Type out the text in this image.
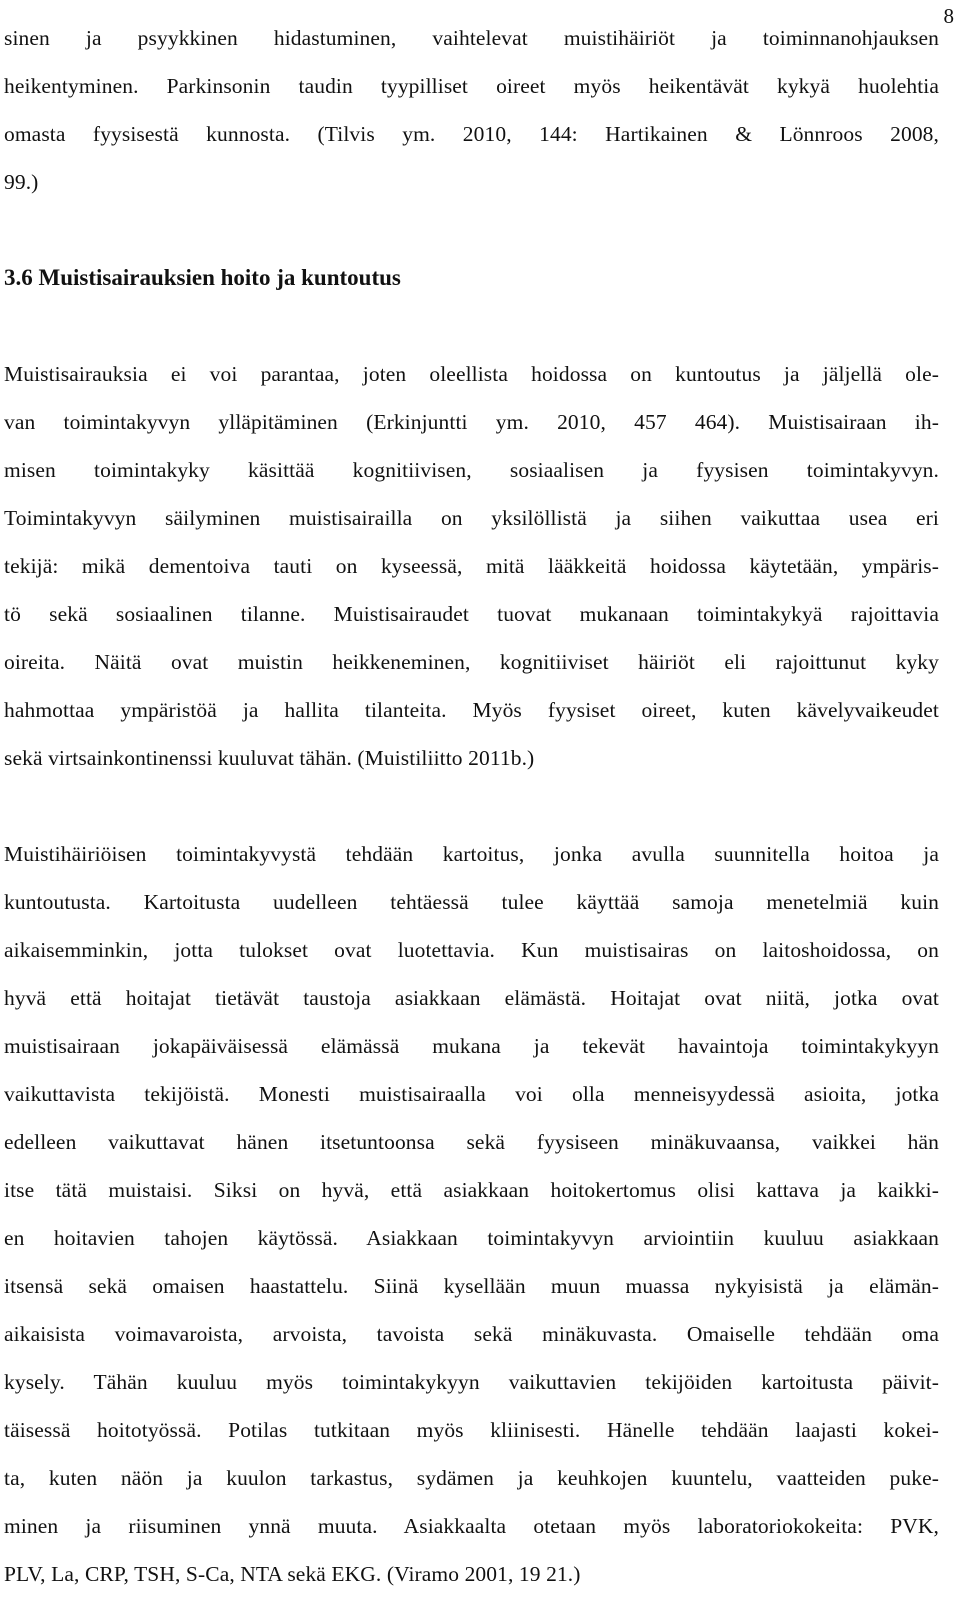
8
sinen ja psyykkinen hidastuminen, vaihtelevat muistihäiriöt ja toiminnanohjauksen
heikentyminen. Parkinsonin taudin tyypilliset oireet myös heikentävät kykyä huolehtia
omasta fyysisestä kunnosta. (Tilvis ym. 2010, 144: Hartikainen & Lönnroos 2008,
99.)
3.6 Muistisairauksien hoito ja kuntoutus
Muistisairauksia ei voi parantaa, joten oleellista hoidossa on kuntoutus ja jäljellä ole-
van toimintakyvyn ylläpitäminen (Erkinjuntti ym. 2010, 457 464). Muistisairaan ih-
misen toimintakyky käsittää kognitiivisen, sosiaalisen ja fyysisen toimintakyvyn.
Toimintakyvyn säilyminen muistisairailla on yksilöllistä ja siihen vaikuttaa usea eri
tekijä: mikä dementoiva tauti on kyseessä, mitä lääkkeitä hoidossa käytetään, ympäris-
tö sekä sosiaalinen tilanne. Muistisairaudet tuovat mukanaan toimintakykyä rajoittavia
oireita. Näitä ovat muistin heikkeneminen, kognitiiviset häiriöt eli rajoittunut kyky
hahmottaa ympäristöä ja hallita tilanteita. Myös fyysiset oireet, kuten kävelyvaikeudet
sekä virtsainkontinenssi kuuluvat tähän. (Muistiliitto 2011b.)
Muistihäiriöisen toimintakyvystä tehdään kartoitus, jonka avulla suunnitella hoitoa ja
kuntoutusta. Kartoitusta uudelleen tehtäessä tulee käyttää samoja menetelmiä kuin
aikaisemminkin, jotta tulokset ovat luotettavia. Kun muistisairas on laitoshoidossa, on
hyvä että hoitajat tietävät taustoja asiakkaan elämästä. Hoitajat ovat niitä, jotka ovat
muistisairaan jokapäiväisessä elämässä mukana ja tekevät havaintoja toimintakykyyn
vaikuttavista tekijöistä. Monesti muistisairaalla voi olla menneisyydessä asioita, jotka
edelleen vaikuttavat hänen itsetuntoonsa sekä fyysiseen minäkuvaansa, vaikkei hän
itse tätä muistaisi. Siksi on hyvä, että asiakkaan hoitokertomus olisi kattava ja kaikki-
en hoitavien tahojen käytössä. Asiakkaan toimintakyvyn arviointiin kuuluu asiakkaan
itsensä sekä omaisen haastattelu. Siinä kysellään muun muassa nykyisistä ja elämän-
aikaisista voimavaroista, arvoista, tavoista sekä minäkuvasta. Omaiselle tehdään oma
kysely. Tähän kuuluu myös toimintakykyyn vaikuttavien tekijöiden kartoitusta päivit-
täisessä hoitotyössä. Potilas tutkitaan myös kliinisesti. Hänelle tehdään laajasti kokei-
ta, kuten näön ja kuulon tarkastus, sydämen ja keuhkojen kuuntelu, vaatteiden puke-
minen ja riisuminen ynnä muuta. Asiakkaalta otetaan myös laboratoriokokeita: PVK,
PLV, La, CRP, TSH, S-Ca, NTA sekä EKG. (Viramo 2001, 19 21.)
